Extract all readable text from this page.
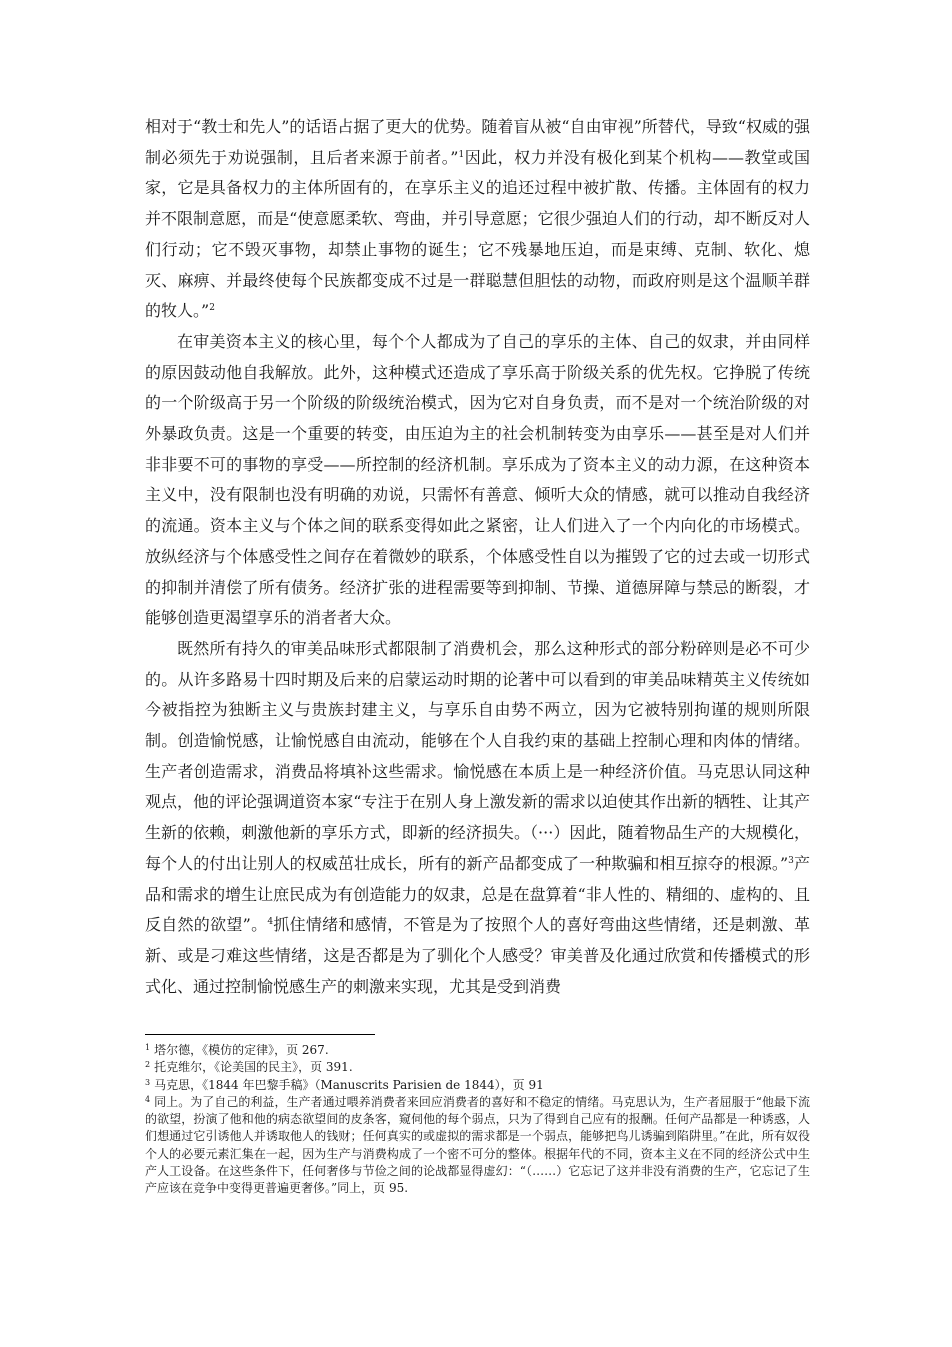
相对于“教士和先人”的话语占据了更大的优势。随着盲从被“自由审视”所替代，导致“权威的强制必须先于劝说强制，且后者来源于前者。”$^1$因此，权力并没有极化到某个机构——教堂或国家，它是具备权力的主体所固有的，在享乐主义的追还过程中被扩散、传播。主体固有的权力并不限制意愿，而是“使意愿柔软、弯曲，并引导意愿；它很少强迫人们的行动，却不断反对人们行动；它不毁灭事物，却禁止事物的诞生；它不残暴地压迫，而是束缚、克制、软化、熄灭、麻痹、并最终使每个民族都变成不过是一群聪慧但胆怯的动物，而政府则是这个温顺羊群的牧人。”$^2$

在审美资本主义的核心里，每个个人都成为了自己的享乐的主体、自己的奴隶，并由同样的原因鼓动他自我解放。此外，这种模式还造成了享乐高于阶级关系的优先权。它挣脱了传统的一个阶级高于另一个阶级的阶级统治模式，因为它对自身负责，而不是对一个统治阶级的对外暴政负责。这是一个重要的转变，由压迫为主的社会机制转变为由享乐——甚至是对人们并非非要不可的事物的享受——所控制的经济机制。享乐成为了资本主义的动力源，在这种资本主义中，没有限制也没有明确的劝说，只需怀有善意、倾听大众的情感，就可以推动自我经济的流通。资本主义与个体之间的联系变得如此之紧密，让人们进入了一个内向化的市场模式。放纵经济与个体感受性之间存在着微妙的联系，个体感受性自以为摧毁了它的过去或一切形式的抑制并清偿了所有债务。经济扩张的进程需要等到抑制、节操、道德屏障与禁忌的断裂，才能够创造更渴望享乐的消者者大众。

既然所有持久的审美品味形式都限制了消费机会，那么这种形式的部分粉碎则是必不可少的。从许多路易十四时期及后来的启蒙运动时期的论著中可以看到的审美品味精英主义传统如今被指控为独断主义与贵族封建主义，与享乐自由势不两立，因为它被特别拘谨的规则所限制。创造愉悦感，让愉悦感自由流动，能够在个人自我约束的基础上控制心理和肉体的情绪。生产者创造需求，消费品将填补这些需求。愉悦感在本质上是一种经济价值。马克思认同这种观点，他的评论强调道资本家“专注于在别人身上激发新的需求以迫使其作出新的牺牲、让其产生新的依赖，刺激他新的享乐方式，即新的经济损失。（···）因此，随着物品生产的大规模化，每个人的付出让别人的权威茁壮成长，所有的新产品都变成了一种欺骗和相互掠夺的根源。”$^3$产品和需求的增生让庶民成为有创造能力的奴隶，总是在盘算着“非人性的、精细的、虚构的、且反自然的欲望”。$^4$抓住情绪和感情，不管是为了按照个人的喜好弯曲这些情绪，还是刺激、革新、或是刁难这些情绪，这是否都是为了驯化个人感受？审美普及化通过欣赏和传播模式的形式化、通过控制愉悦感生产的刺激来实现，尤其是受到消费

$^1$ 塔尔德，《模仿的定律》，页 267.

$^2$ 托克维尔，《论美国的民主》，页 391.

$^3$ 马克思，《1844 年巴黎手稿》（Manuscrits Parisien de 1844），页 91

$^4$ 同上。为了自己的利益，生产者通过喂养消费者来回应消费者的喜好和不稳定的情绪。马克思认为，生产者屈服于“他最下流的欲望，扮演了他和他的病态欲望间的皮条客，窥伺他的每个弱点，只为了得到自己应有的报酬。任何产品都是一种诱惑，人们想通过它引诱他人并诱取他人的钱财；任何真实的或虚拟的需求都是一个弱点，能够把鸟儿诱骗到陷阱里。”在此，所有奴役个人的必要元素汇集在一起，因为生产与消费构成了一个密不可分的整体。根据年代的不同，资本主义在不同的经济公式中生产人工设备。在这些条件下，任何奢侈与节俭之间的论战都显得虚幻：“（……）它忘记了这并非没有消费的生产，它忘记了生产应该在竞争中变得更普遍更奢侈。”同上，页 95.
